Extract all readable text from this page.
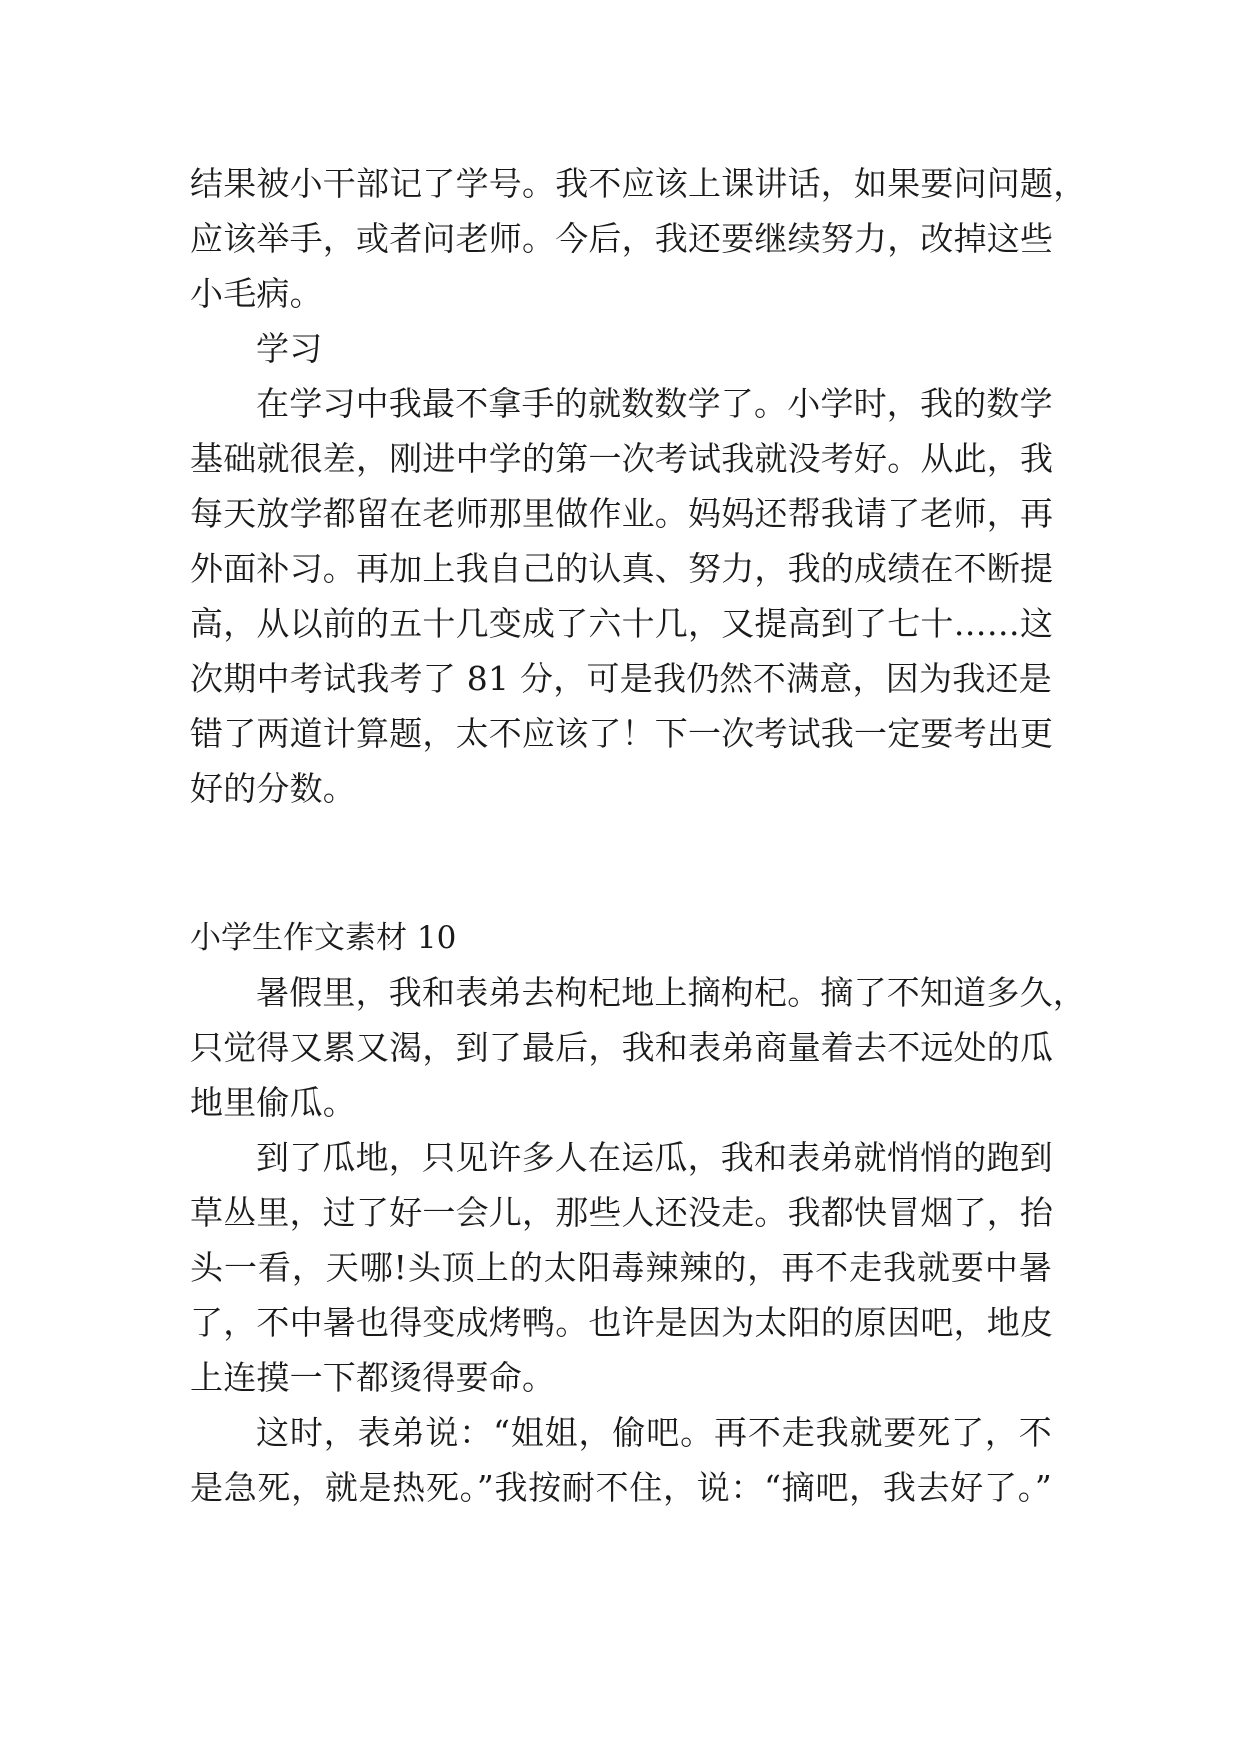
结果被小干部记了学号。我不应该上课讲话，如果要问问题，
应该举手，或者问老师。今后，我还要继续努力，改掉这些
小毛病。
学习
在学习中我最不拿手的就数数学了。小学时，我的数学
基础就很差，刚进中学的第一次考试我就没考好。从此，我
每天放学都留在老师那里做作业。妈妈还帮我请了老师，再
外面补习。再加上我自己的认真、努力，我的成绩在不断提
高，从以前的五十几变成了六十几，又提高到了七十……这
次期中考试我考了 81 分，可是我仍然不满意，因为我还是
错了两道计算题，太不应该了！下一次考试我一定要考出更
好的分数。
小学生作文素材 10
暑假里，我和表弟去枸杞地上摘枸杞。摘了不知道多久，
只觉得又累又渴，到了最后，我和表弟商量着去不远处的瓜
地里偷瓜。
到了瓜地，只见许多人在运瓜，我和表弟就悄悄的跑到
草丛里，过了好一会儿，那些人还没走。我都快冒烟了，抬
头一看，天哪!头顶上的太阳毒辣辣的，再不走我就要中暑
了，不中暑也得变成烤鸭。也许是因为太阳的原因吧，地皮
上连摸一下都烫得要命。
这时，表弟说：“姐姐，偷吧。再不走我就要死了，不
是急死，就是热死。”我按耐不住，说：“摘吧，我去好了。”
